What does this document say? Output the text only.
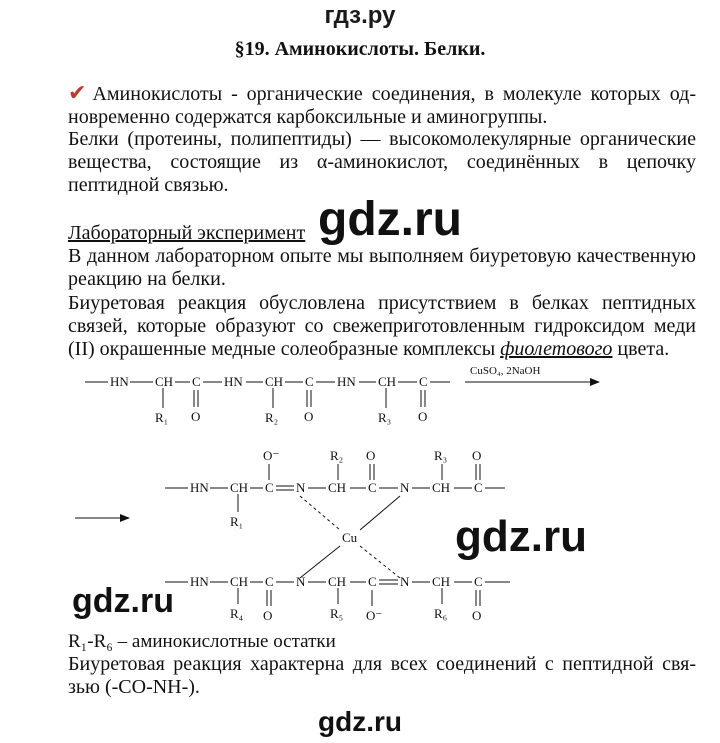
гдз.ру
§19. Аминокислоты. Белки.
✔ Аминокислоты - органические соединения, в молекуле которых од-новременно содержатся карбоксильные и аминогруппы.
Белки (протеины, полипептиды) — высокомолекулярные органические вещества, состоящие из α-аминокислот, соединённых в цепочку пептидной связью.
Лабораторный эксперимент gdz.ru
В данном лабораторном опыте мы выполняем биуретовую качественную реакцию на белки.
Биуретовая реакция обусловлена присутствием в белках пептидных связей, которые образуют со свежеприготовленным гидроксидом меди (II) окрашенные медные солеобразные комплексы фиолетового цвета.
HN CH
R₁
C
O
HN CH
R₂
C
O
HN CH
R₃
C
O
CuSO₄, 2NaOH
HN CH
R₁
C
O⁻
N CH
R₂
C
O
N CH
R₃
C
O
Cu
HN CH
R₄
C
O
N CH
R₅
C
O⁻
N CH
R₆
C
O
gdz.ru
gdz.ru
R₁-R₆ – аминокислотные остатки
Биуретовая реакция характерна для всех соединений с пептидной свя-зью (-CO-NH-).
gdz.ru
